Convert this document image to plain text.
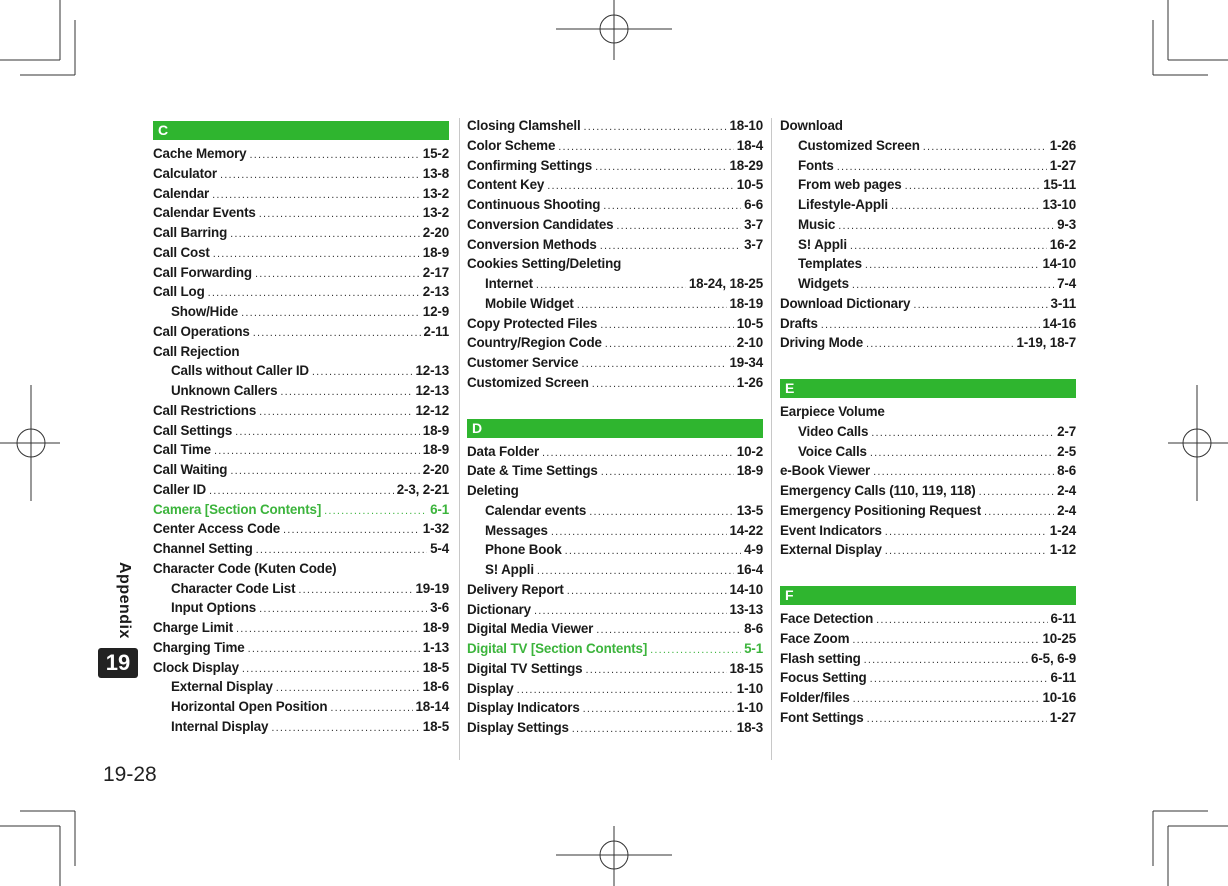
C
Cache Memory .....	15-2
Calculator .....	13-8
Calendar .....	13-2
Calendar Events .....	13-2
Call Barring .....	2-20
Call Cost .....	18-9
Call Forwarding .....	2-17
Call Log .....	2-13
Show/Hide .....	12-9
Call Operations .....	2-11
Call Rejection
Calls without Caller ID .....	12-13
Unknown Callers .....	12-13
Call Restrictions .....	12-12
Call Settings .....	18-9
Call Time .....	18-9
Call Waiting .....	2-20
Caller ID .....	2-3, 2-21
Camera [Section Contents] .....	6-1
Center Access Code .....	1-32
Channel Setting .....	5-4
Character Code (Kuten Code)
Character Code List .....	19-19
Input Options .....	3-6
Charge Limit .....	18-9
Charging Time .....	1-13
Clock Display .....	18-5
External Display .....	18-6
Horizontal Open Position .....	18-14
Internal Display .....	18-5
Closing Clamshell .....	18-10
Color Scheme .....	18-4
Confirming Settings .....	18-29
Content Key .....	10-5
Continuous Shooting .....	6-6
Conversion Candidates .....	3-7
Conversion Methods .....	3-7
Cookies Setting/Deleting
Internet .....	18-24, 18-25
Mobile Widget .....	18-19
Copy Protected Files .....	10-5
Country/Region Code .....	2-10
Customer Service .....	19-34
Customized Screen .....	1-26
D
Data Folder .....	10-2
Date & Time Settings .....	18-9
Deleting
Calendar events .....	13-5
Messages .....	14-22
Phone Book .....	4-9
S! Appli .....	16-4
Delivery Report .....	14-10
Dictionary .....	13-13
Digital Media Viewer .....	8-6
Digital TV [Section Contents] .....	5-1
Digital TV Settings .....	18-15
Display .....	1-10
Display Indicators .....	1-10
Display Settings .....	18-3
Download
Customized Screen .....	1-26
Fonts .....	1-27
From web pages .....	15-11
Lifestyle-Appli .....	13-10
Music .....	9-3
S! Appli .....	16-2
Templates .....	14-10
Widgets .....	7-4
Download Dictionary .....	3-11
Drafts .....	14-16
Driving Mode .....	1-19, 18-7
E
Earpiece Volume
Video Calls .....	2-7
Voice Calls .....	2-5
e-Book Viewer .....	8-6
Emergency Calls (110, 119, 118) .....	2-4
Emergency Positioning Request .....	2-4
Event Indicators .....	1-24
External Display .....	1-12
F
Face Detection .....	6-11
Face Zoom .....	10-25
Flash setting .....	6-5, 6-9
Focus Setting .....	6-11
Folder/files .....	10-16
Font Settings .....	1-27
Appendix
19
19-28
